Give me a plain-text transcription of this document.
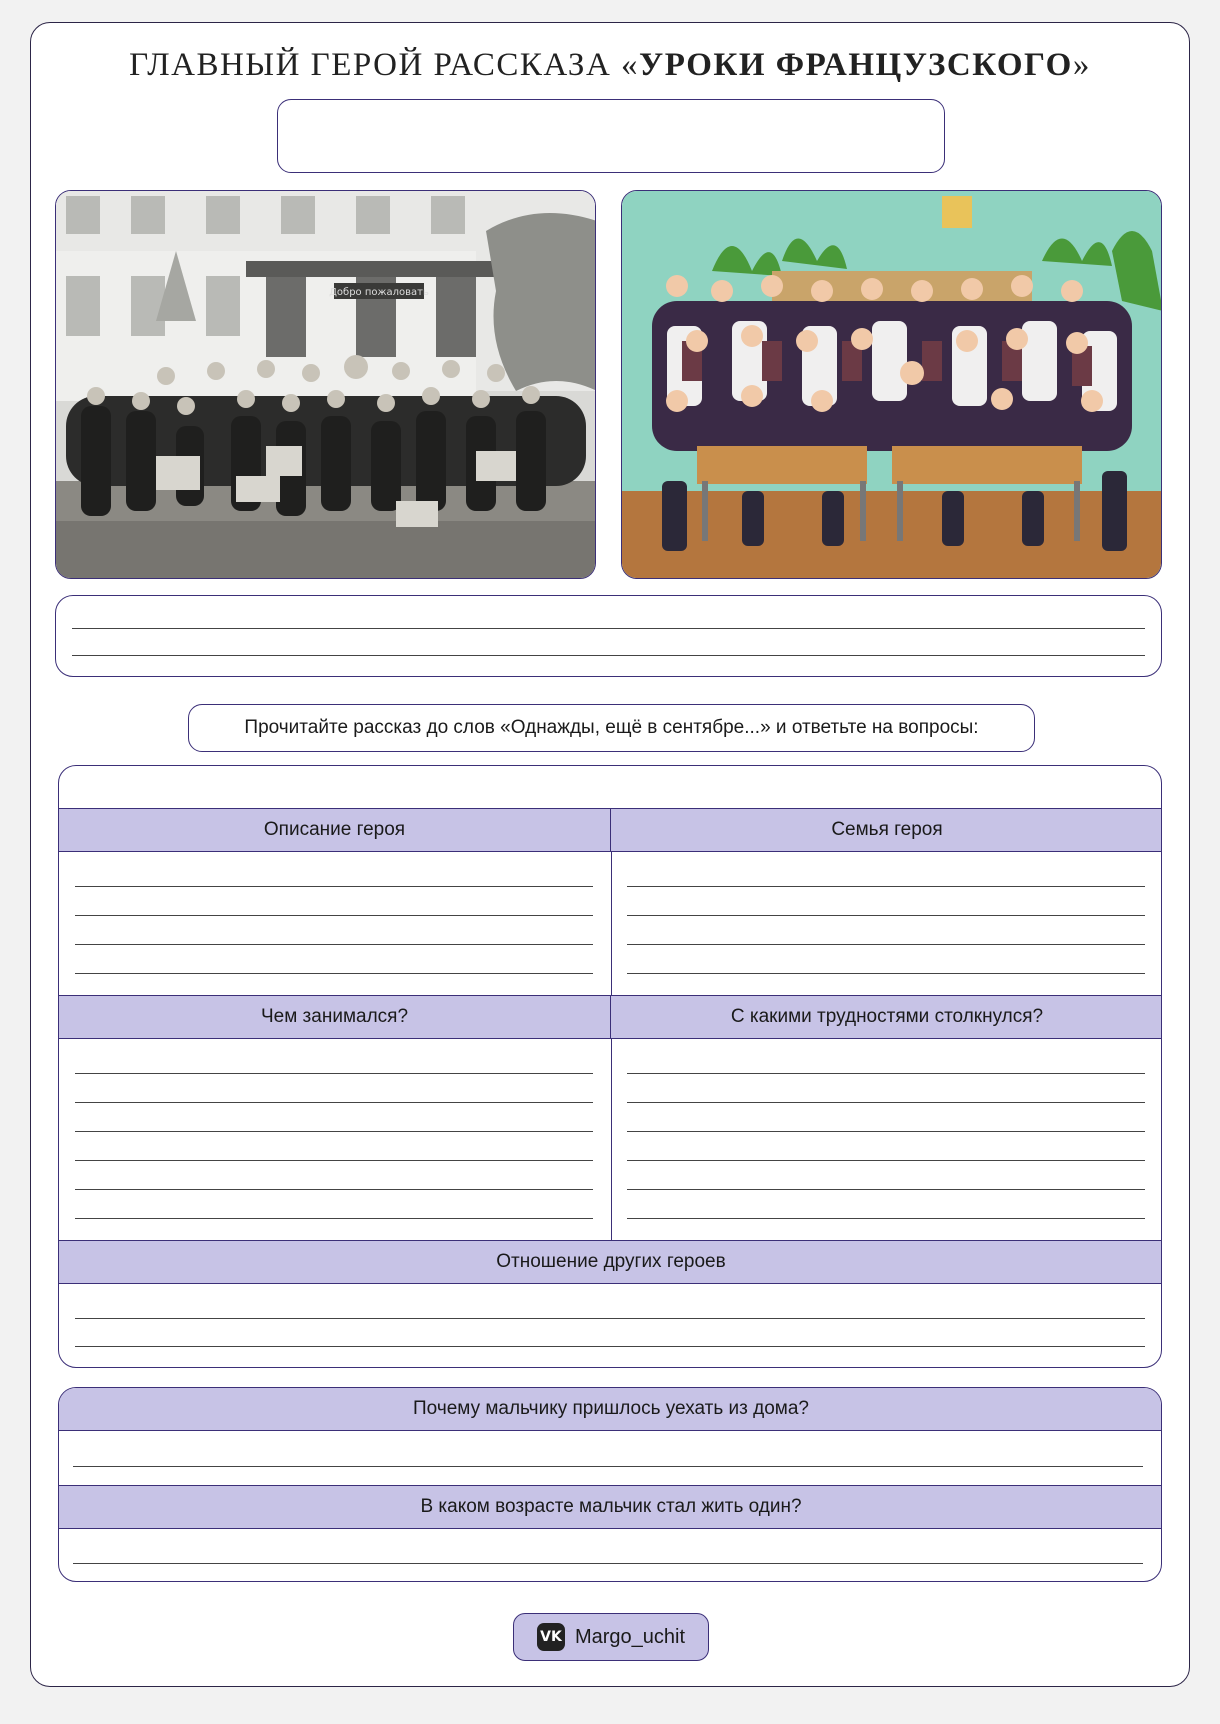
ГЛАВНЫЙ ГЕРОЙ РАССКАЗА «УРОКИ ФРАНЦУЗСКОГО»
Добро пожаловать
Прочитайте рассказ до слов «Однажды, ещё в сентябре...» и ответьте на вопросы:
Описание героя	Семья героя
Чем занимался?	С какими трудностями столкнулся?
Отношение других героев
Почему мальчику пришлось уехать из дома?
В каком возрасте мальчик стал жить один?
VK Margo_uchit
